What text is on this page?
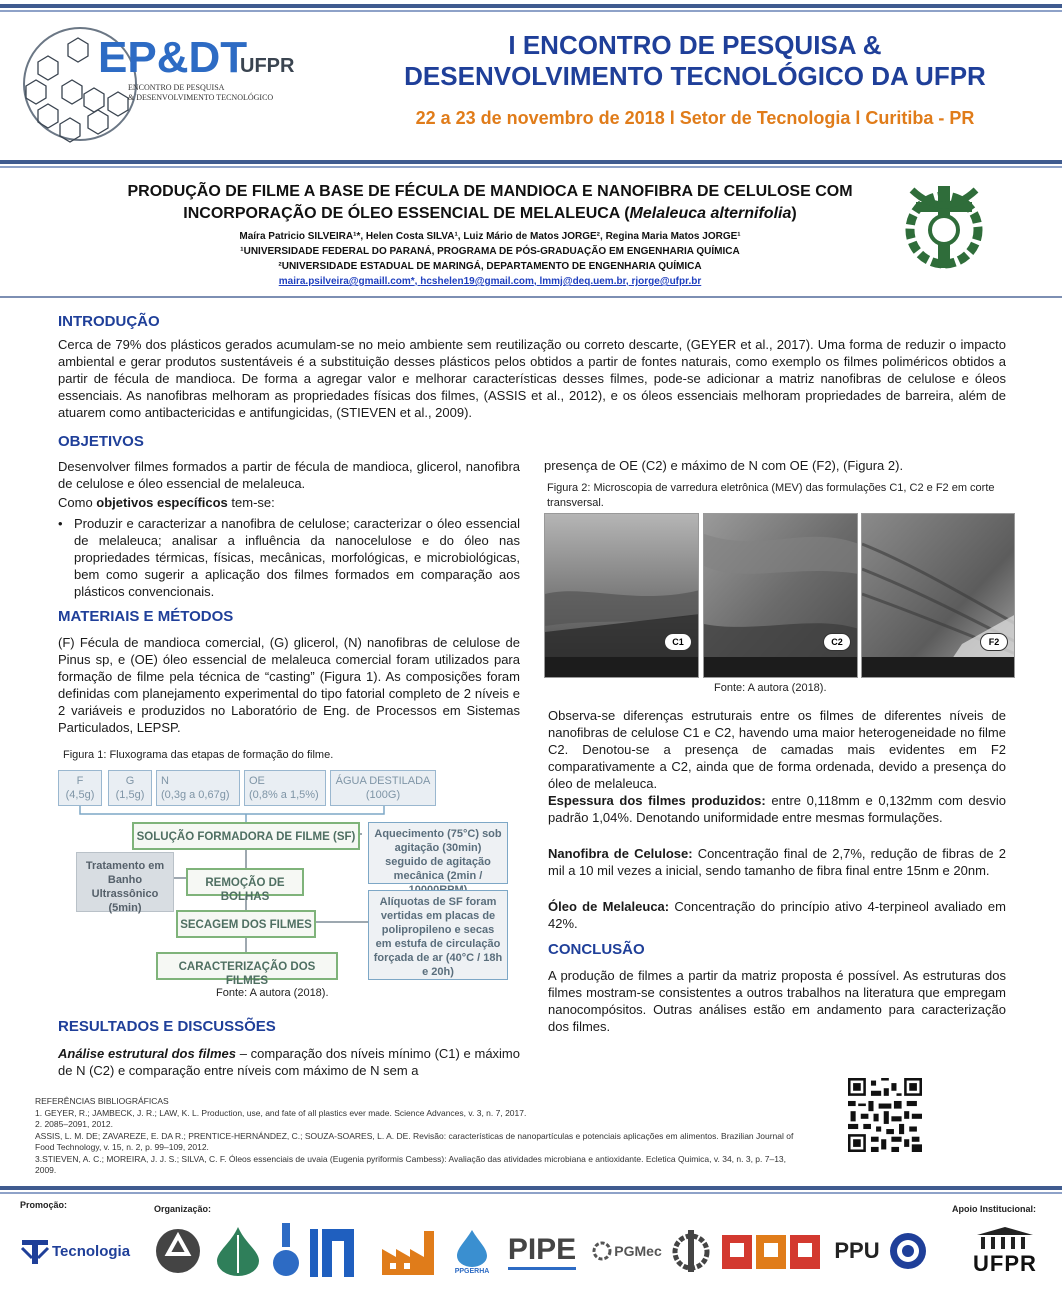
EP&DT
UFPR
ENCONTRO DE PESQUISA
& DESENVOLVIMENTO TECNOLÓGICO
I ENCONTRO DE PESQUISA &
DESENVOLVIMENTO TECNOLÓGICO DA UFPR
22 a 23 de novembro de 2018 l Setor de Tecnologia l Curitiba - PR
PRODUÇÃO DE FILME A BASE DE FÉCULA DE MANDIOCA E NANOFIBRA DE CELULOSE COM
INCORPORAÇÃO DE ÓLEO ESSENCIAL DE MELALEUCA (Melaleuca alternifolia)
Maíra Patricio SILVEIRA¹*, Helen Costa SILVA¹, Luiz Mário de Matos JORGE², Regina Maria Matos JORGE¹
¹UNIVERSIDADE FEDERAL DO PARANÁ, PROGRAMA DE PÓS-GRADUAÇÃO EM ENGENHARIA QUÍMICA
²UNIVERSIDADE ESTADUAL DE MARINGÁ, DEPARTAMENTO DE ENGENHARIA QUÍMICA
maira.psilveira@gmaill.com*, hcshelen19@gmail.com, lmmj@deq.uem.br, rjorge@ufpr.br
INTRODUÇÃO
Cerca de 79% dos plásticos gerados acumulam-se no meio ambiente sem reutilização ou correto descarte, (GEYER et al., 2017). Uma forma de reduzir o impacto ambiental e gerar produtos sustentáveis é a substituição desses plásticos pelos obtidos a partir de fontes naturais, como exemplo os filmes poliméricos obtidos a partir de fécula de mandioca. De forma a agregar valor e melhorar características desses filmes, pode-se adicionar a matriz nanofibras de celulose e óleos essenciais. As nanofibras melhoram as propriedades físicas dos filmes, (ASSIS et al., 2012), e os óleos essenciais melhoram propriedades de barreira, além de atuarem como antibactericidas e antifungicidas, (STIEVEN et al., 2009).
OBJETIVOS
Desenvolver filmes formados a partir de fécula de mandioca, glicerol, nanofibra de celulose e óleo essencial de melaleuca.
Como objetivos específicos tem-se:
• Produzir e caracterizar a nanofibra de celulose; caracterizar o óleo essencial de melaleuca; analisar a influência da nanocelulose e do óleo nas propriedades térmicas, físicas, mecânicas, morfológicas, e microbiológicas, bem como sugerir a aplicação dos filmes formados em comparação aos plásticos convencionais.
MATERIAIS E MÉTODOS
(F) Fécula de mandioca comercial, (G) glicerol, (N) nanofibras de celulose de Pinus sp, e (OE) óleo essencial de melaleuca comercial foram utilizados para formação de filme pela técnica de “casting” (Figura 1). As composições foram definidas com planejamento experimental do tipo fatorial completo de 2 níveis e 2 variáveis e produzidos no Laboratório de Eng. de Processos em Sistemas Particulados, LEPSP.
Figura 1: Fluxograma das etapas de formação do filme.
F
(4,5g)
G
(1,5g)
N
(0,3g a 0,67g)
OE
(0,8% a 1,5%)
ÁGUA DESTILADA
(100G)
SOLUÇÃO FORMADORA DE FILME (SF)
REMOÇÃO DE BOLHAS
SECAGEM DOS FILMES
CARACTERIZAÇÃO DOS FILMES
Tratamento em Banho Ultrassônico (5min)
Aquecimento (75°C) sob agitação (30min) seguido de agitação mecânica (2min /
Alíquotas de SF foram vertidas em placas de polipropileno e secas em estufa de circulação forçada de ar (40°C / 18h e 20h)
Fonte: A autora (2018).
RESULTADOS E DISCUSSÕES
Análise estrutural dos filmes – comparação dos níveis mínimo (C1) e máximo de N (C2) e comparação entre níveis com máximo de N sem a
presença de OE (C2) e máximo de N com OE (F2), (Figura 2).
Figura 2: Microscopia de varredura eletrônica (MEV) das formulações C1, C2 e F2 em corte transversal.
C1	C2	F2
Fonte: A autora (2018).
Observa-se diferenças estruturais entre os filmes de diferentes níveis de nanofibras de celulose C1 e C2, havendo uma maior heterogeneidade no filme C2. Denotou-se a presença de camadas mais evidentes em F2 comparativamente a C2, ainda que de forma ordenada, devido a presença do óleo de melaleuca.
Espessura dos filmes produzidos: entre 0,118mm e 0,132mm com desvio padrão 1,04%. Denotando uniformidade entre mesmas formulações.
Nanofibra de Celulose: Concentração final de 2,7%, redução de fibras de 2 mil a 10 mil vezes a inicial, sendo tamanho de fibra final entre 15nm e 20nm.
Óleo de Melaleuca: Concentração do princípio ativo 4-terpineol avaliado em 42%.
CONCLUSÃO
A produção de filmes a partir da matriz proposta é possível. As estruturas dos filmes mostram-se consistentes a outros trabalhos na literatura que empregam nanocompósitos. Outras análises estão em andamento para caracterização dos filmes.
REFERÊNCIAS BIBLIOGRÁFICAS
1. GEYER, R.; JAMBECK, J. R.; LAW, K. L. Production, use, and fate of all plastics ever made. Science Advances, v. 3, n. 7, 2017.
2. 2085–2091, 2012.
ASSIS, L. M. DE; ZAVAREZE, E. DA R.; PRENTICE-HERNÁNDEZ, C.; SOUZA-SOARES, L. A. DE. Revisão: características de nanopartículas e potenciais aplicações em alimentos. Brazilian Journal of Food Technology, v. 15, n. 2, p. 99–109, 2012.
3.STIEVEN, A. C.; MOREIRA, J. J. S.; SILVA, C. F. Óleos essenciais de uvaia (Eugenia pyriformis Cambess): Avaliação das atividades microbiana e antioxidante. Ecletica Quimica, v. 34, n. 3, p. 7–13, 2009.
Promoção:	Organização:	Apoio Institucional:
Tecnologia
PPGERHA
PIPE	PGMec	PPU
UFPR
